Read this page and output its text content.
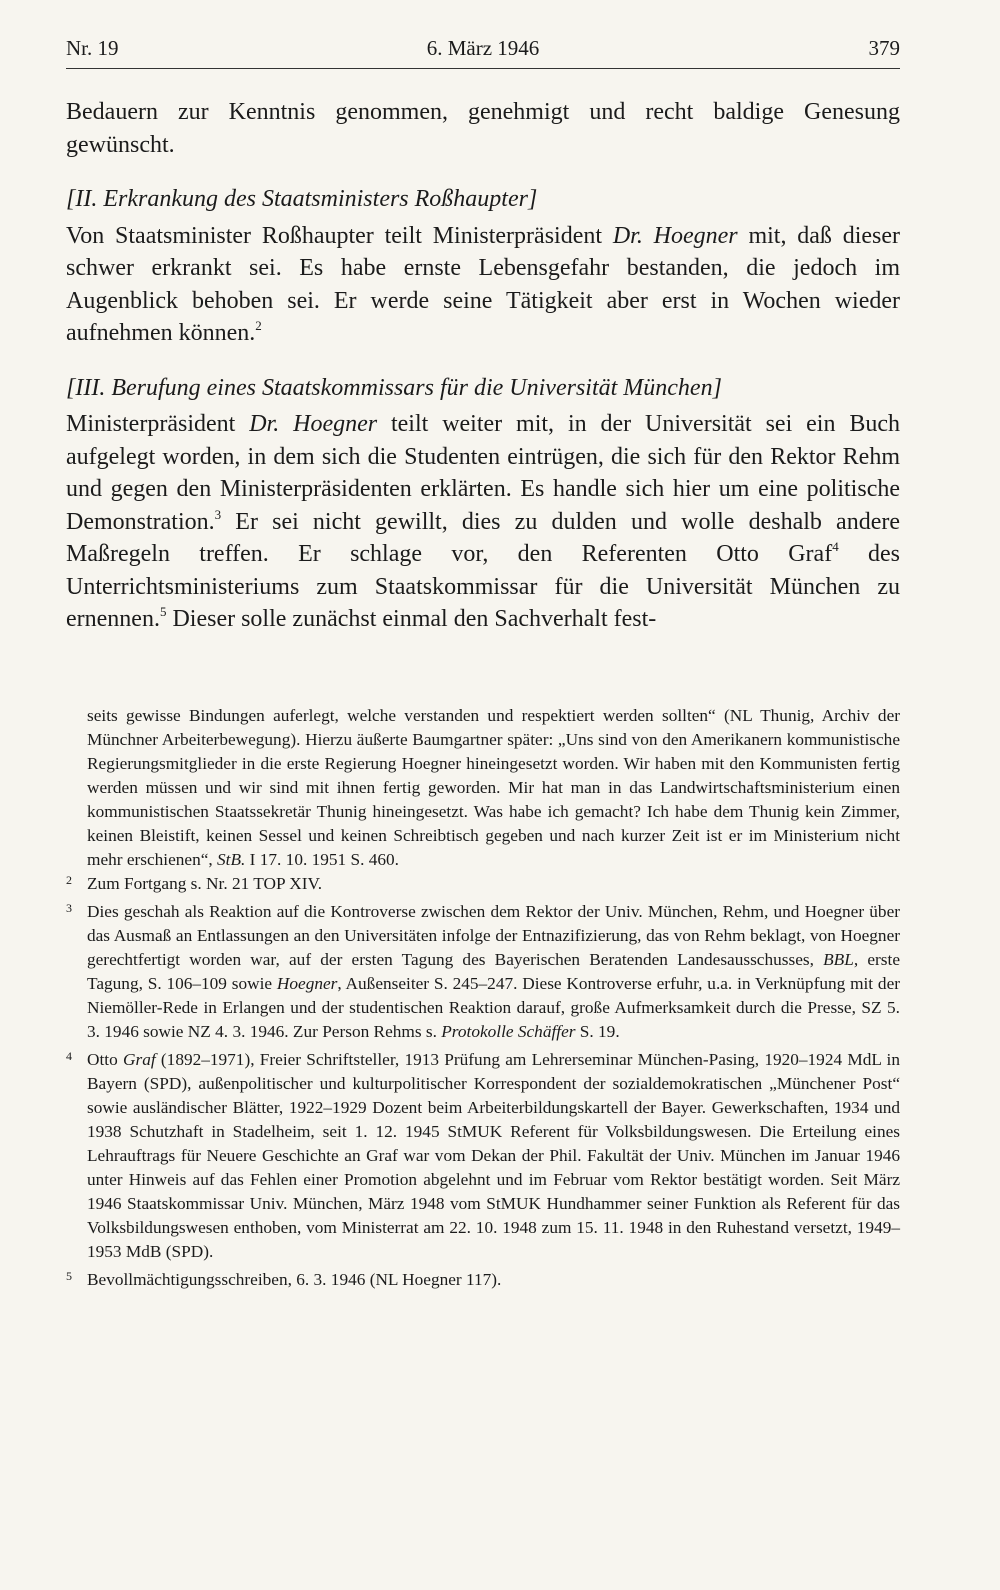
Nr. 19	6. März 1946	379

Bedauern zur Kenntnis genommen, genehmigt und recht baldige Genesung gewünscht.

[II. Erkrankung des Staatsministers Roßhaupter]

Von Staatsminister Roßhaupter teilt Ministerpräsident Dr. Hoegner mit, daß dieser schwer erkrankt sei. Es habe ernste Lebensgefahr bestanden, die jedoch im Augenblick behoben sei. Er werde seine Tätigkeit aber erst in Wochen wieder aufnehmen können.$^2$

[III. Berufung eines Staatskommissars für die Universität München]

Ministerpräsident Dr. Hoegner teilt weiter mit, in der Universität sei ein Buch aufgelegt worden, in dem sich die Studenten eintrügen, die sich für den Rektor Rehm und gegen den Ministerpräsidenten erklärten. Es handle sich hier um eine politische Demonstration.$^3$ Er sei nicht gewillt, dies zu dulden und wolle deshalb andere Maßregeln treffen. Er schlage vor, den Referenten Otto Graf$^4$ des Unterrichtsministeriums zum Staatskommissar für die Universität München zu ernennen.$^5$ Dieser solle zunächst einmal den Sachverhalt fest-

seits gewisse Bindungen auferlegt, welche verstanden und respektiert werden sollten“ (NL Thunig, Archiv der Münchner Arbeiterbewegung). Hierzu äußerte Baumgartner später: „Uns sind von den Amerikanern kommunistische Regierungsmitglieder in die erste Regierung Hoegner hineingesetzt worden. Wir haben mit den Kommunisten fertig werden müssen und wir sind mit ihnen fertig geworden. Mir hat man in das Landwirtschaftsministerium einen kommunistischen Staatssekretär Thunig hineingesetzt. Was habe ich gemacht? Ich habe dem Thunig kein Zimmer, keinen Bleistift, keinen Sessel und keinen Schreibtisch gegeben und nach kurzer Zeit ist er im Ministerium nicht mehr erschienen“, StB. I 17. 10. 1951 S. 460.

2 Zum Fortgang s. Nr. 21 TOP XIV.

3 Dies geschah als Reaktion auf die Kontroverse zwischen dem Rektor der Univ. München, Rehm, und Hoegner über das Ausmaß an Entlassungen an den Universitäten infolge der Entnazifizierung, das von Rehm beklagt, von Hoegner gerechtfertigt worden war, auf der ersten Tagung des Bayerischen Beratenden Landesausschusses, BBL, erste Tagung, S. 106–109 sowie Hoegner, Außenseiter S. 245–247. Diese Kontroverse erfuhr, u.a. in Verknüpfung mit der Niemöller-Rede in Erlangen und der studentischen Reaktion darauf, große Aufmerksamkeit durch die Presse, SZ 5. 3. 1946 sowie NZ 4. 3. 1946. Zur Person Rehms s. Protokolle Schäffer S. 19.

4 Otto Graf (1892–1971), Freier Schriftsteller, 1913 Prüfung am Lehrerseminar München-Pasing, 1920–1924 MdL in Bayern (SPD), außenpolitischer und kulturpolitischer Korrespondent der sozialdemokratischen „Münchener Post“ sowie ausländischer Blätter, 1922–1929 Dozent beim Arbeiterbildungskartell der Bayer. Gewerkschaften, 1934 und 1938 Schutzhaft in Stadelheim, seit 1. 12. 1945 StMUK Referent für Volksbildungswesen. Die Erteilung eines Lehrauftrags für Neuere Geschichte an Graf war vom Dekan der Phil. Fakultät der Univ. München im Januar 1946 unter Hinweis auf das Fehlen einer Promotion abgelehnt und im Februar vom Rektor bestätigt worden. Seit März 1946 Staatskommissar Univ. München, März 1948 vom StMUK Hundhammer seiner Funktion als Referent für das Volksbildungswesen enthoben, vom Ministerrat am 22. 10. 1948 zum 15. 11. 1948 in den Ruhestand versetzt, 1949–1953 MdB (SPD).

5 Bevollmächtigungsschreiben, 6. 3. 1946 (NL Hoegner 117).
